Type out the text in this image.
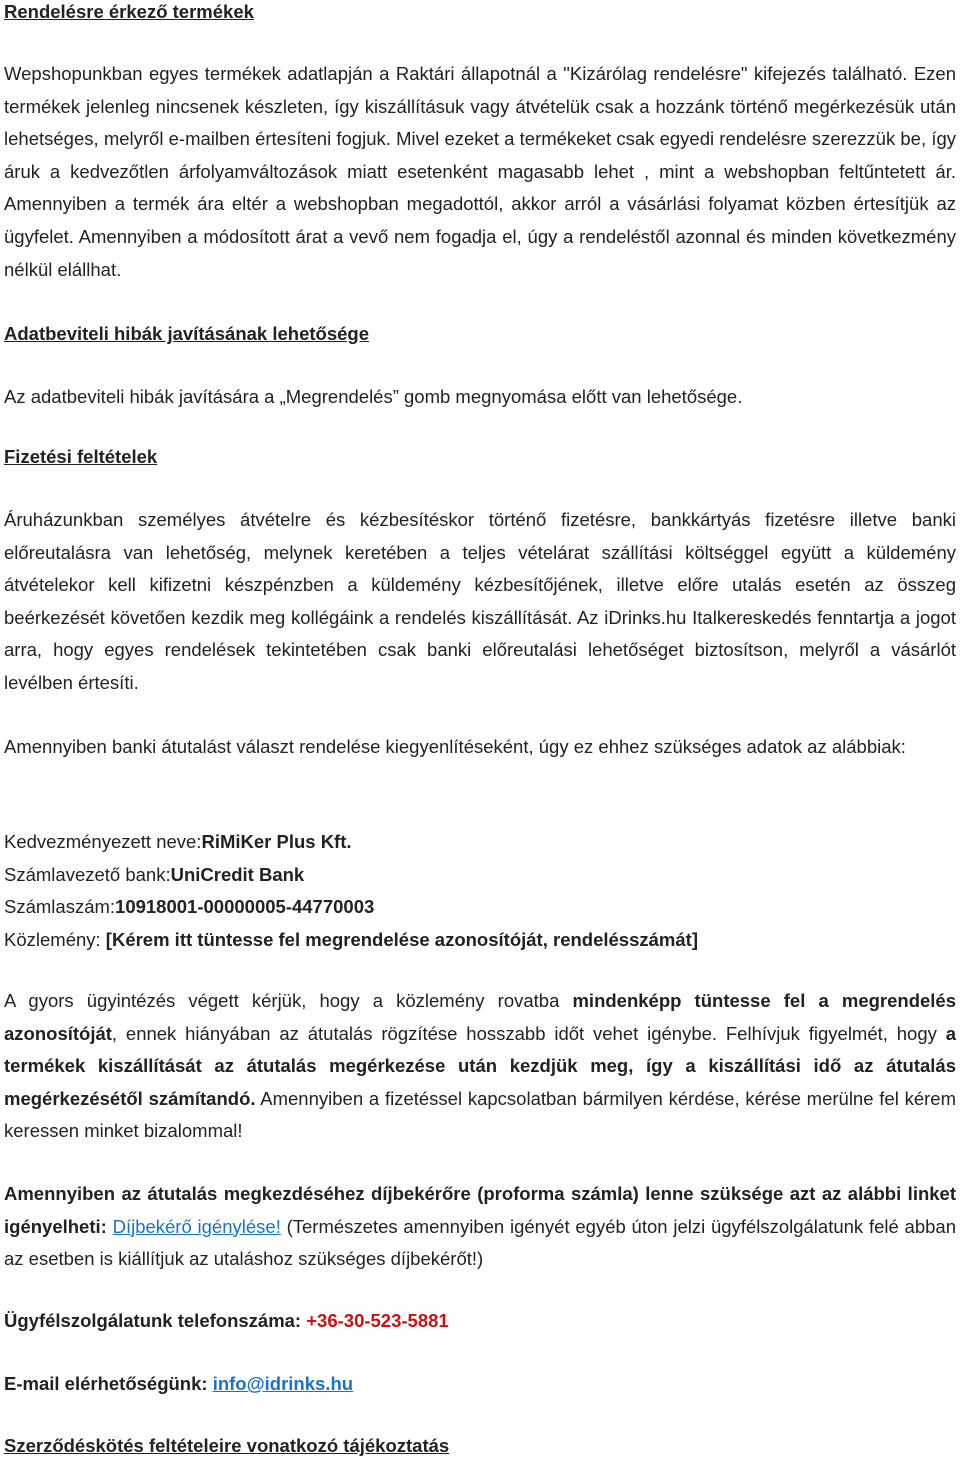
Rendelésre érkező termékek

Wepshopunkban egyes termékek adatlapján a Raktári állapotnál a "Kizárólag rendelésre" kifejezés található. Ezen termékek jelenleg nincsenek készleten, így kiszállításuk vagy átvételük csak a hozzánk történő megérkezésük után lehetséges, melyről e-mailben értesíteni fogjuk. Mivel ezeket a termékeket csak egyedi rendelésre szerezzük be, így áruk a kedvezőtlen árfolyamváltozások miatt esetenként magasabb lehet , mint a webshopban feltűntetett ár. Amennyiben a termék ára eltér a webshopban megadottól, akkor arról a vásárlási folyamat közben értesítjük az ügyfelet. Amennyiben a módosított árat a vevő nem fogadja el, úgy a rendeléstől azonnal és minden következmény nélkül elállhat.

Adatbeviteli hibák javításának lehetősége

Az adatbeviteli hibák javítására a „Megrendelés” gomb megnyomása előtt van lehetősége.

Fizetési feltételek

Áruházunkban személyes átvételre és kézbesítéskor történő fizetésre, bankkártyás fizetésre illetve banki előreutalásra van lehetőség, melynek keretében a teljes vételárat szállítási költséggel együtt a küldemény átvételekor kell kifizetni készpénzben a küldemény kézbesítőjének, illetve előre utalás esetén az összeg beérkezését követően kezdik meg kollégáink a rendelés kiszállítását. Az iDrinks.hu Italkereskedés fenntartja a jogot arra, hogy egyes rendelések tekintetében csak banki előreutalási lehetőséget biztosítson, melyről a vásárlót levélben értesíti.

Amennyiben banki átutalást választ rendelése kiegyenlítéseként, úgy ez ehhez szükséges adatok az alábbiak:

Kedvezményezett neve:RiMiKer Plus Kft.
Számlavezető bank:UniCredit Bank
Számlaszám:10918001-00000005-44770003
Közlemény: [Kérem itt tüntesse fel megrendelése azonosítóját, rendelésszámát]

A gyors ügyintézés végett kérjük, hogy a közlemény rovatba mindenképp tüntesse fel a megrendelés azonosítóját, ennek hiányában az átutalás rögzítése hosszabb időt vehet igénybe. Felhívjuk figyelmét, hogy a termékek kiszállítását az átutalás megérkezése után kezdjük meg, így a kiszállítási idő az átutalás megérkezésétől számítandó. Amennyiben a fizetéssel kapcsolatban bármilyen kérdése, kérése merülne fel kérem keressen minket bizalommal!

Amennyiben az átutalás megkezdéséhez díjbekérőre (proforma számla) lenne szüksége azt az alábbi linket igényelheti: Díjbekérő igénylése! (Természetes amennyiben igényét egyéb úton jelzi ügyfélszolgálatunk felé abban az esetben is kiállítjuk az utaláshoz szükséges díjbekérőt!)

Ügyfélszolgálatunk telefonszáma: +36-30-523-5881
E-mail elérhetőségünk: info@idrinks.hu
Szerződéskötés feltételeire vonatkozó tájékoztatás
